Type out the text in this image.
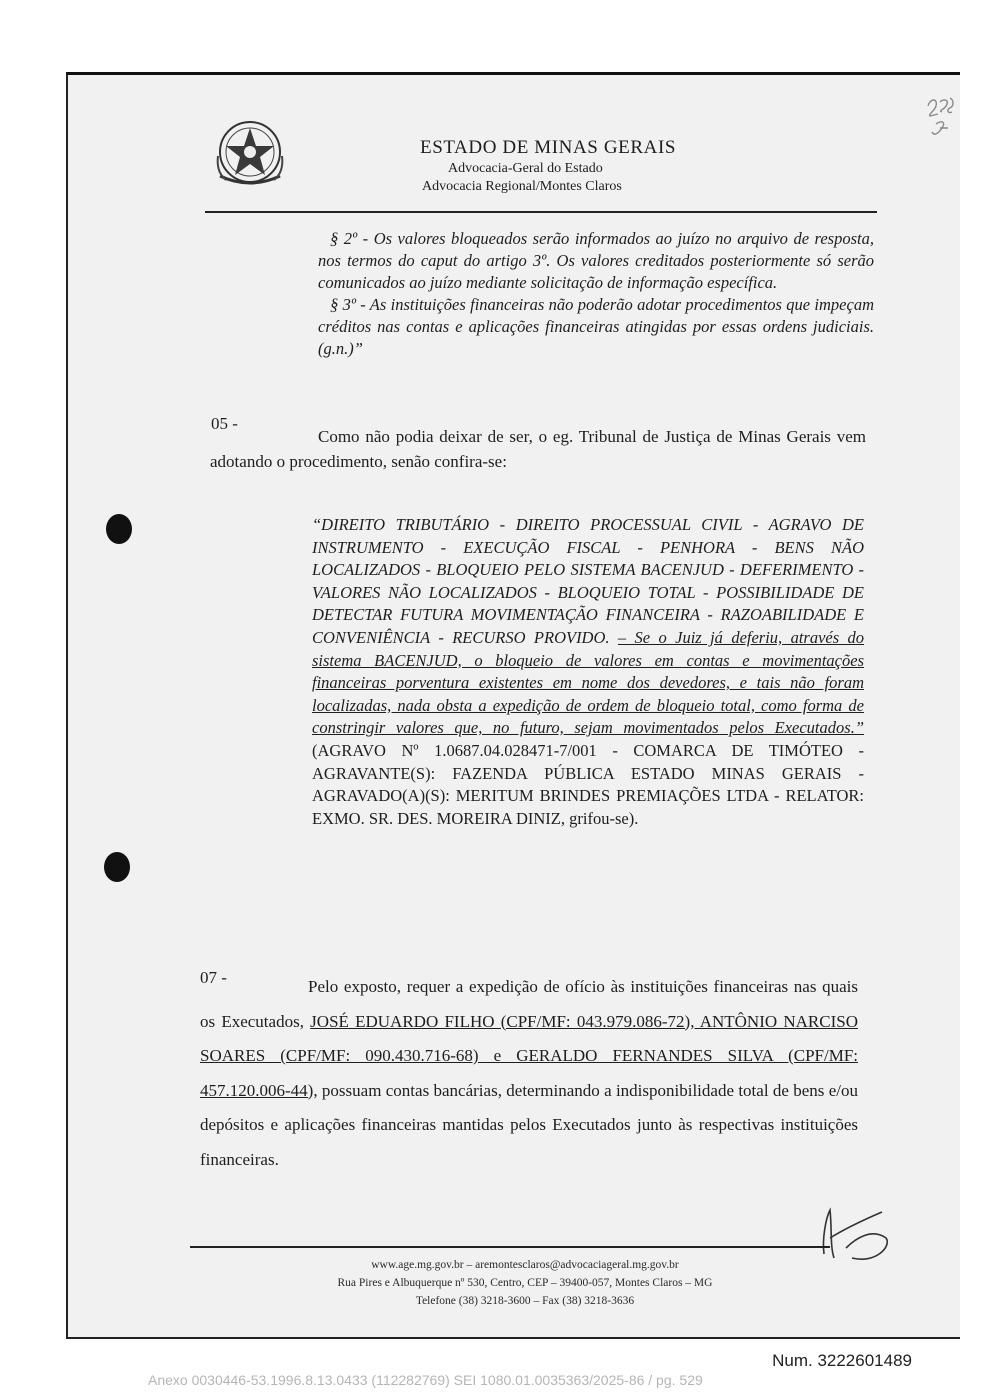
ESTADO DE MINAS GERAIS
Advocacia-Geral do Estado
Advocacia Regional/Montes Claros

§ 2º - Os valores bloqueados serão informados ao juízo no arquivo de resposta, nos termos do caput do artigo 3º. Os valores creditados posteriormente só serão comunicados ao juízo mediante solicitação de informação específica.

§ 3º - As instituições financeiras não poderão adotar procedimentos que impeçam créditos nas contas e aplicações financeiras atingidas por essas ordens judiciais. (g.n.)”

05 -
Como não podia deixar de ser, o eg. Tribunal de Justiça de Minas Gerais vem adotando o procedimento, senão confira-se:
“DIREITO TRIBUTÁRIO - DIREITO PROCESSUAL CIVIL - AGRAVO DE INSTRUMENTO - EXECUÇÃO FISCAL - PENHORA - BENS NÃO LOCALIZADOS - BLOQUEIO PELO SISTEMA BACENJUD - DEFERIMENTO - VALORES NÃO LOCALIZADOS - BLOQUEIO TOTAL - POSSIBILIDADE DE DETECTAR FUTURA MOVIMENTAÇÃO FINANCEIRA - RAZOABILIDADE E CONVENIÊNCIA - RECURSO PROVIDO. – Se o Juiz já deferiu, através do sistema BACENJUD, o bloqueio de valores em contas e movimentações financeiras porventura existentes em nome dos devedores, e tais não foram localizadas, nada obsta a expedição de ordem de bloqueio total, como forma de constringir valores que, no futuro, sejam movimentados pelos Executados.” (AGRAVO Nº 1.0687.04.028471-7/001 - COMARCA DE TIMÓTEO - AGRAVANTE(S): FAZENDA PÚBLICA ESTADO MINAS GERAIS - AGRAVADO(A)(S): MERITUM BRINDES PREMIAÇÕES LTDA - RELATOR: EXMO. SR. DES. MOREIRA DINIZ, grifou-se).
07 -	Pelo exposto, requer a expedição de ofício às instituições financeiras nas quais os Executados, JOSÉ EDUARDO FILHO (CPF/MF: 043.979.086-72), ANTÔNIO NARCISO SOARES (CPF/MF: 090.430.716-68) e GERALDO FERNANDES SILVA (CPF/MF: 457.120.006-44), possuam contas bancárias, determinando a indisponibilidade total de bens e/ou depósitos e aplicações financeiras mantidas pelos Executados junto às respectivas instituições financeiras.
www.age.mg.gov.br – aremontesclaros@advocaciageral.mg.gov.br
Rua Pires e Albuquerque nº 530, Centro, CEP – 39400-057, Montes Claros – MG
Telefone (38) 3218-3600 – Fax (38) 3218-3636
Num. 3222601489
Anexo 0030446-53.1996.8.13.0433 (112282769) SEI 1080.01.0035363/2025-86 / pg. 529
